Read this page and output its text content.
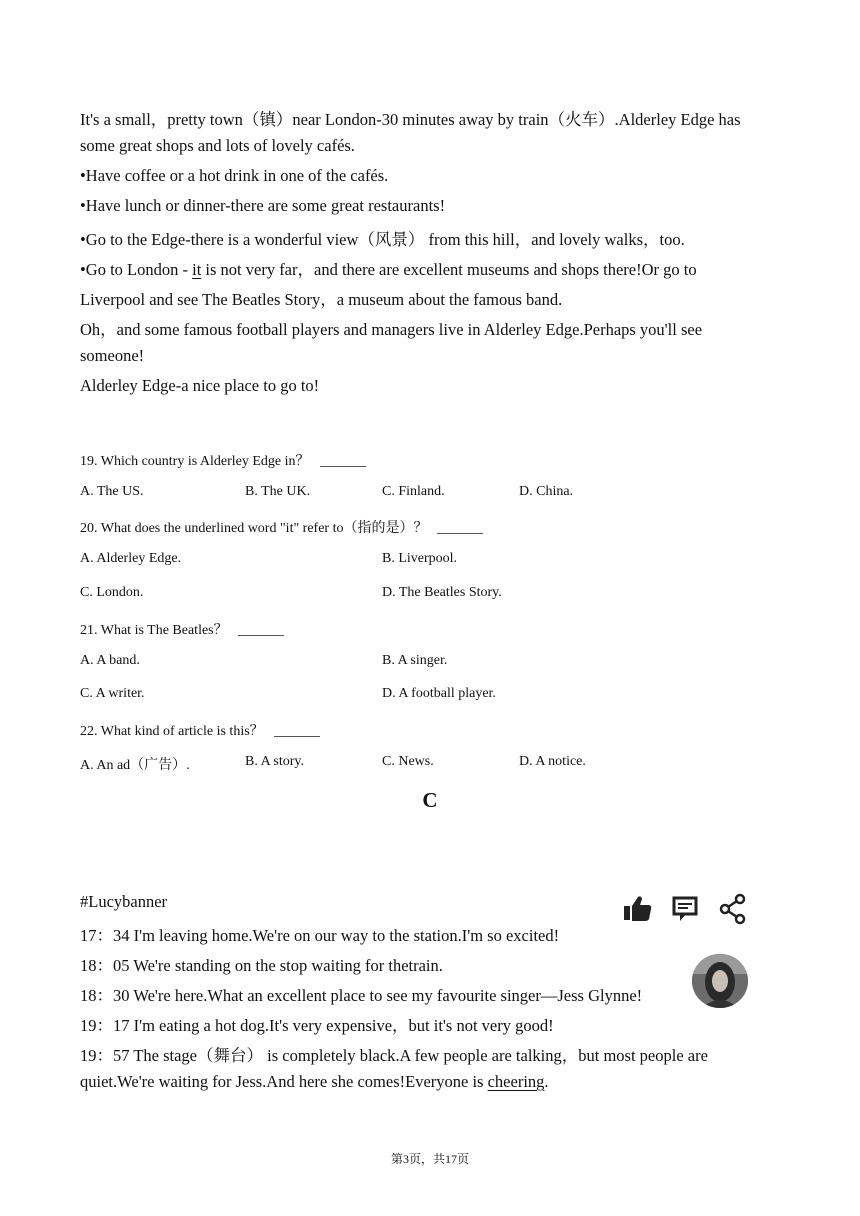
It's a small，pretty town（镇）near London-30 minutes away by train（火车）.Alderley Edge has
some great shops and lots of lovely cafés.
•Have coffee or a hot drink in one of the cafés.
•Have lunch or dinner-there are some great restaurants!
•Go to the Edge-there is a wonderful view（风景） from this hill，and lovely walks，too.
•Go to London - it is not very far，and there are excellent museums and shops there!Or go to
Liverpool and see The Beatles Story，a museum about the famous band.
Oh，and some famous football players and managers live in Alderley Edge.Perhaps you'll see
someone!
Alderley Edge-a nice place to go to!
19. Which country is Alderley Edge in？
A. The US.	B. The UK.	C. Finland.	D. China.
20. What does the underlined word "it" refer to（指的是）？
A. Alderley Edge.	B. Liverpool.
C. London.	D. The Beatles Story.
21. What is The Beatles？
A. A band.	B. A singer.
C. A writer.	D. A football player.
22. What kind of article is this？
A. An ad（广告）.	B. A story.	C. News.	D. A notice.
C
#Lucybanner
17：34 I'm leaving home.We're on our way to the station.I'm so excited!
18：05 We're standing on the stop waiting for thetrain.
18：30 We're here.What an excellent place to see my favourite singer—Jess Glynne!
19：17 I'm eating a hot dog.It's very expensive，but it's not very good!
19：57 The stage（舞台） is completely black.A few people are talking，but most people are
quiet.We're waiting for Jess.And here she comes!Everyone is cheering.
第3页，共17页
